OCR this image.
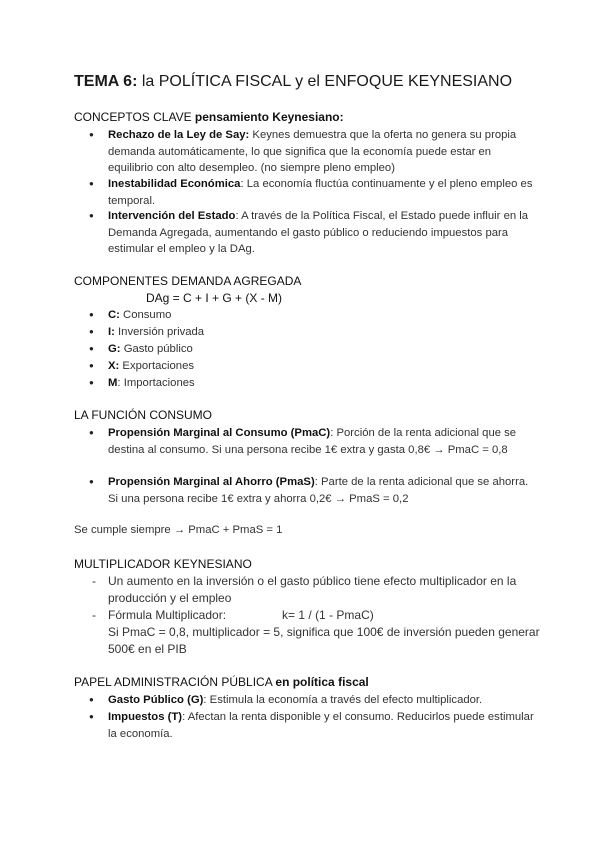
TEMA 6: la POLÍTICA FISCAL y el ENFOQUE KEYNESIANO
CONCEPTOS CLAVE pensamiento Keynesiano:
● Rechazo de la Ley de Say: Keynes demuestra que la oferta no genera su propia demanda automáticamente, lo que significa que la economía puede estar en equilibrio con alto desempleo. (no siempre pleno empleo)
● Inestabilidad Económica: La economía fluctúa continuamente y el pleno empleo es temporal.
● Intervención del Estado: A través de la Política Fiscal, el Estado puede influir en la Demanda Agregada, aumentando el gasto público o reduciendo impuestos para estimular el empleo y la DAg.
COMPONENTES DEMANDA AGREGADA
DAg = C + I + G + (X - M)
● C: Consumo
● I: Inversión privada
● G: Gasto público
● X: Exportaciones
● M: Importaciones
LA FUNCIÓN CONSUMO
● Propensión Marginal al Consumo (PmaC): Porción de la renta adicional que se destina al consumo. Si una persona recibe 1€ extra y gasta 0,8€ → PmaC = 0,8
● Propensión Marginal al Ahorro (PmaS): Parte de la renta adicional que se ahorra. Si una persona recibe 1€ extra y ahorra 0,2€ → PmaS = 0,2
Se cumple siempre → PmaC + PmaS = 1
MULTIPLICADOR KEYNESIANO
- Un aumento en la inversión o el gasto público tiene efecto multiplicador en la producción y el empleo
- Fórmula Multiplicador:	k= 1 / (1 - PmaC)
Si PmaC = 0,8, multiplicador = 5, significa que 100€ de inversión pueden generar 500€ en el PIB
PAPEL ADMINISTRACIÓN PÚBLICA en política fiscal
● Gasto Público (G): Estimula la economía a través del efecto multiplicador.
● Impuestos (T): Afectan la renta disponible y el consumo. Reducirlos puede estimular la economía.
